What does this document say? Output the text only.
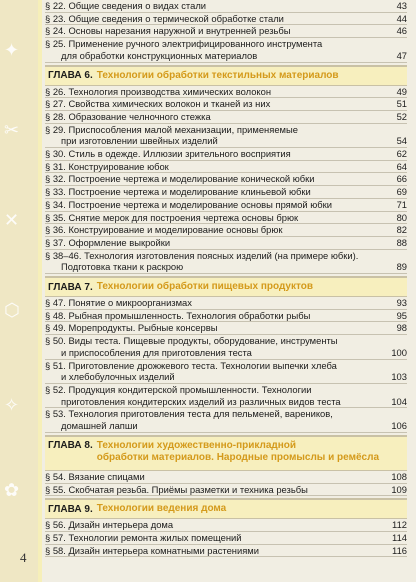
✦
✂
✕
⬡
✧
✿
§ 22. Общие сведения о видах стали	43
§ 23. Общие сведения о термической обработке стали	44
§ 24. Основы нарезания наружной и внутренней резьбы	46
§ 25. Применение ручного электрифицированного инструмента
для обработки конструкционных материалов	47
ГЛАВА 6. Технологии обработки текстильных материалов
§ 26. Технология производства химических волокон	49
§ 27. Свойства химических волокон и тканей из них	51
§ 28. Образование челночного стежка	52
§ 29. Приспособления малой механизации, применяемые
при изготовлении швейных изделий	54
§ 30. Стиль в одежде. Иллюзии зрительного восприятия	62
§ 31. Конструирование юбок	64
§ 32. Построение чертежа и моделирование конической юбки	66
§ 33. Построение чертежа и моделирование клиньевой юбки	69
§ 34. Построение чертежа и моделирование основы прямой юбки	71
§ 35. Снятие мерок для построения чертежа основы брюк	80
§ 36. Конструирование и моделирование основы брюк	82
§ 37. Оформление выкройки	88
§ 38–46. Технология изготовления поясных изделий (на примере юбки).
Подготовка ткани к раскрою	89
ГЛАВА 7. Технологии обработки пищевых продуктов
§ 47. Понятие о микроорганизмах	93
§ 48. Рыбная промышленность. Технология обработки рыбы	95
§ 49. Морепродукты. Рыбные консервы	98
§ 50. Виды теста. Пищевые продукты, оборудование, инструменты
и приспособления для приготовления теста	100
§ 51. Приготовление дрожжевого теста. Технологии выпечки хлеба
и хлебобулочных изделий	103
§ 52. Продукция кондитерской промышленности. Технологии
приготовления кондитерских изделий из различных видов теста	104
§ 53. Технология приготовления теста для пельменей, вареников,
домашней лапши	106
ГЛАВА 8. Технологии художественно-прикладной
обработки материалов. Народные промыслы и ремёсла
§ 54. Вязание спицами	108
§ 55. Скобчатая резьба. Приёмы разметки и техника резьбы	109
ГЛАВА 9. Технологии ведения дома
§ 56. Дизайн интерьера дома	112
§ 57. Технологии ремонта жилых помещений	114
§ 58. Дизайн интерьера комнатными растениями	116
4
